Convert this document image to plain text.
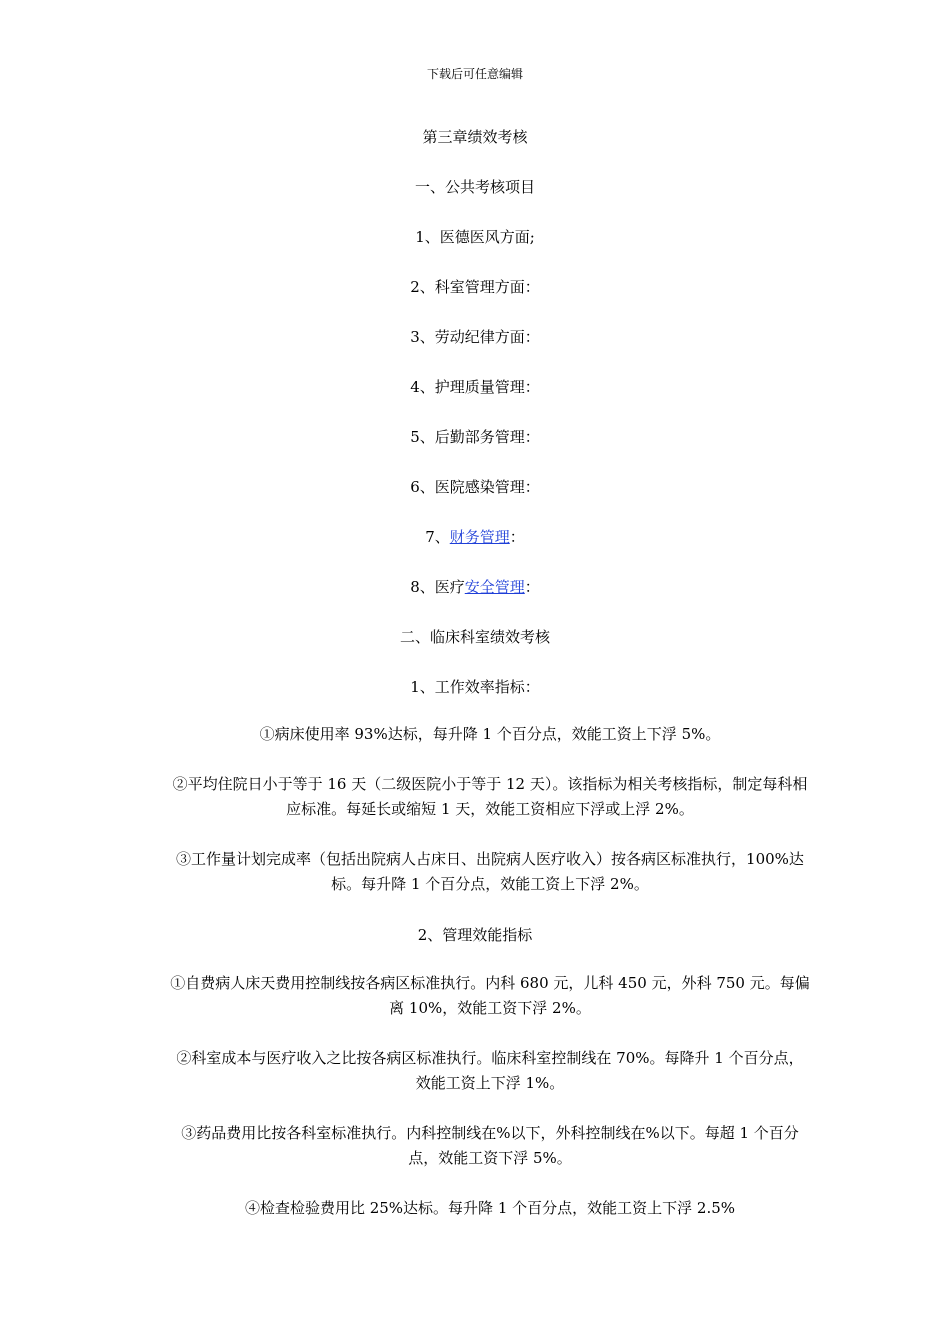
下载后可任意编辑
第三章绩效考核
一、公共考核项目
1、医德医风方面;
2、科室管理方面：
3、劳动纪律方面：
4、护理质量管理：
5、后勤部务管理：
6、医院感染管理：
7、财务管理：
8、医疗安全管理：
二、临床科室绩效考核
1、工作效率指标：
①病床使用率 93%达标，每升降 1 个百分点，效能工资上下浮 5%。
②平均住院日小于等于 16 天（二级医院小于等于 12 天）。该指标为相关考核指标，制定每科相应标准。每延长或缩短 1 天，效能工资相应下浮或上浮 2%。
③工作量计划完成率（包括出院病人占床日、出院病人医疗收入）按各病区标准执行，100%达标。每升降 1 个百分点，效能工资上下浮 2%。
2、管理效能指标
①自费病人床天费用控制线按各病区标准执行。内科 680 元，儿科 450 元，外科 750 元。每偏离 10%，效能工资下浮 2%。
②科室成本与医疗收入之比按各病区标准执行。临床科室控制线在 70%。每降升 1 个百分点，效能工资上下浮 1%。
③药品费用比按各科室标准执行。内科控制线在%以下，外科控制线在%以下。每超 1 个百分点，效能工资下浮 5%。
④检查检验费用比 25%达标。每升降 1 个百分点，效能工资上下浮 2.5%
